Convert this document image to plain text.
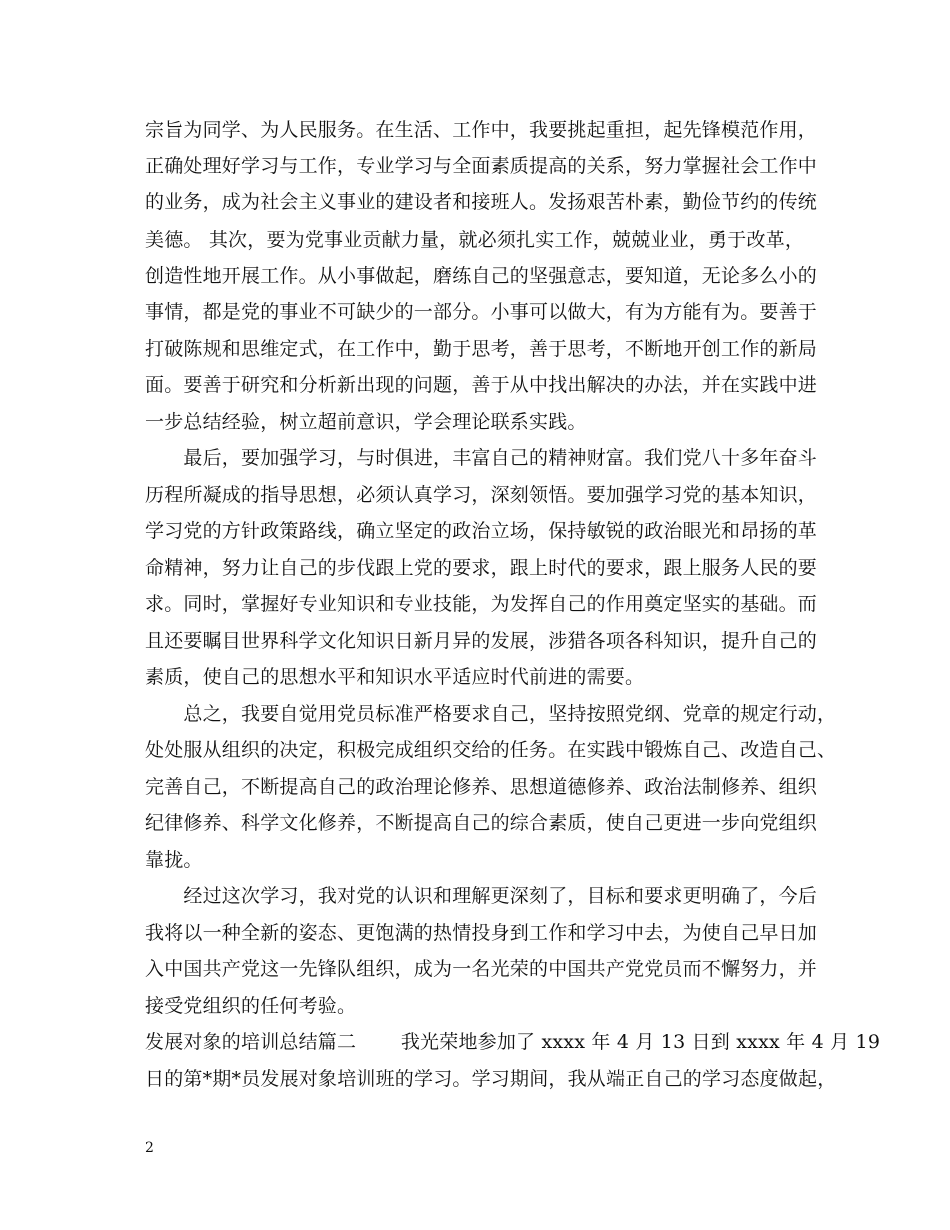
宗旨为同学、为人民服务。在生活、工作中，我要挑起重担，起先锋模范作用，
正确处理好学习与工作，专业学习与全面素质提高的关系，努力掌握社会工作中
的业务，成为社会主义事业的建设者和接班人。发扬艰苦朴素，勤俭节约的传统
美德。 其次，要为党事业贡献力量，就必须扎实工作，兢兢业业，勇于改革，
创造性地开展工作。从小事做起，磨练自己的坚强意志，要知道，无论多么小的
事情，都是党的事业不可缺少的一部分。小事可以做大，有为方能有为。要善于
打破陈规和思维定式，在工作中，勤于思考，善于思考，不断地开创工作的新局
面。要善于研究和分析新出现的问题，善于从中找出解决的办法，并在实践中进
一步总结经验，树立超前意识，学会理论联系实践。
　　最后，要加强学习，与时俱进，丰富自己的精神财富。我们党八十多年奋斗
历程所凝成的指导思想，必须认真学习，深刻领悟。要加强学习党的基本知识，
学习党的方针政策路线，确立坚定的政治立场，保持敏锐的政治眼光和昂扬的革
命精神，努力让自己的步伐跟上党的要求，跟上时代的要求，跟上服务人民的要
求。同时，掌握好专业知识和专业技能，为发挥自己的作用奠定坚实的基础。而
且还要瞩目世界科学文化知识日新月异的发展，涉猎各项各科知识，提升自己的
素质，使自己的思想水平和知识水平适应时代前进的需要。
　　总之，我要自觉用党员标准严格要求自己，坚持按照党纲、党章的规定行动，
处处服从组织的决定，积极完成组织交给的任务。在实践中锻炼自己、改造自己、
完善自己，不断提高自己的政治理论修养、思想道德修养、政治法制修养、组织
纪律修养、科学文化修养，不断提高自己的综合素质，使自己更进一步向党组织
靠拢。
　　经过这次学习，我对党的认识和理解更深刻了，目标和要求更明确了，今后
我将以一种全新的姿态、更饱满的热情投身到工作和学习中去，为使自己早日加
入中国共产党这一先锋队组织，成为一名光荣的中国共产党党员而不懈努力，并
接受党组织的任何考验。
发展对象的培训总结篇二　　 我光荣地参加了 xxxx 年 4 月 13 日到 xxxx 年 4 月 19
日的第*期*员发展对象培训班的学习。学习期间，我从端正自己的学习态度做起，
2
